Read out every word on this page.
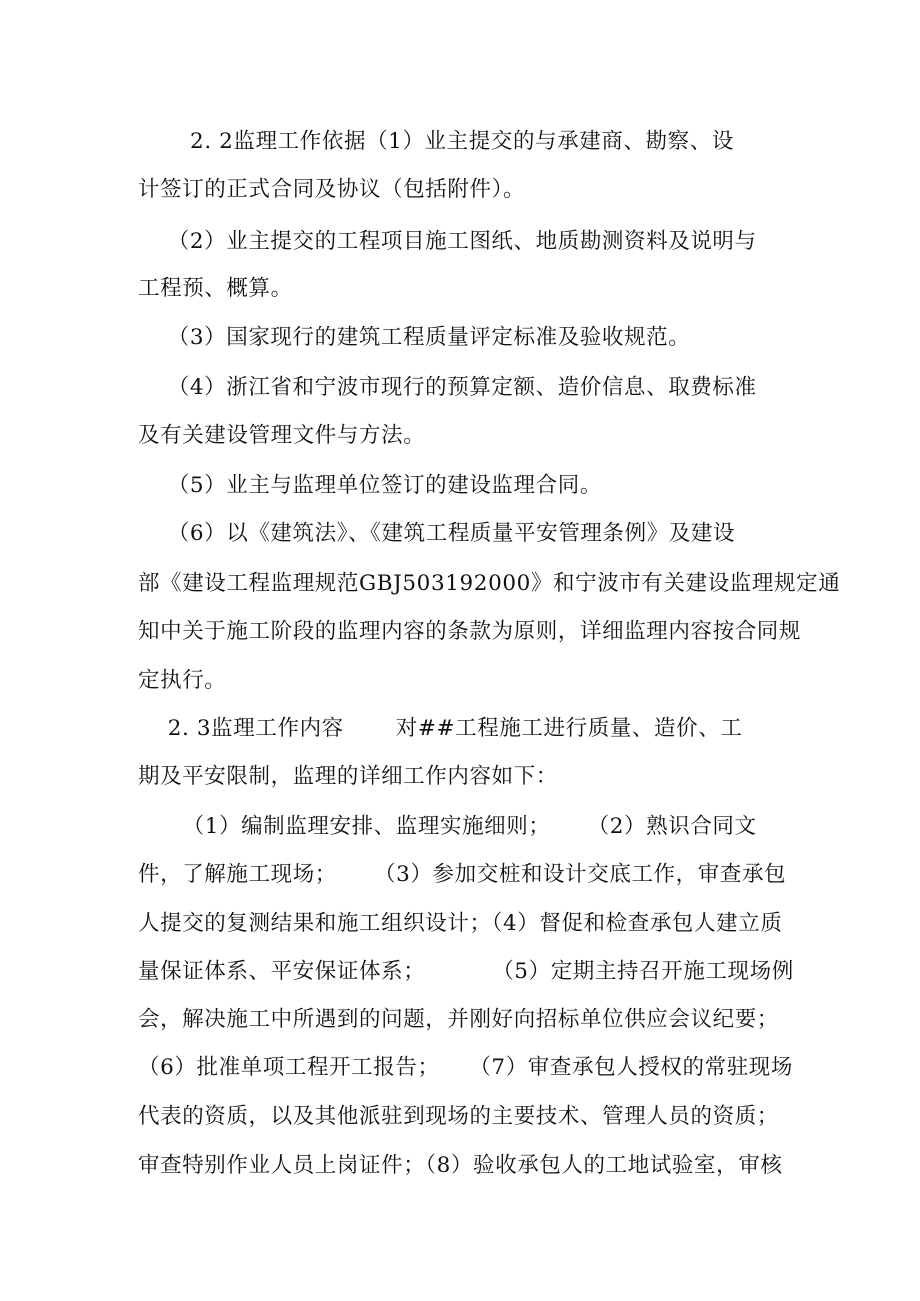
2. 2监理工作依据（1）业主提交的与承建商、勘察、设
计签订的正式合同及协议（包括附件）。
（2）业主提交的工程项目施工图纸、地质勘测资料及说明与
工程预、概算。
（3）国家现行的建筑工程质量评定标准及验收规范。
（4）浙江省和宁波市现行的预算定额、造价信息、取费标准
及有关建设管理文件与方法。
（5）业主与监理单位签订的建设监理合同。
（6）以《建筑法》、《建筑工程质量平安管理条例》及建设
部《建设工程监理规范GBJ503192000》和宁波市有关建设监理规定通
知中关于施工阶段的监理内容的条款为原则，详细监理内容按合同规
定执行。
2. 3监理工作内容       对##工程施工进行质量、造价、工
期及平安限制，监理的详细工作内容如下：
（1）编制监理安排、监理实施细则；     （2）熟识合同文
件，了解施工现场；     （3）参加交桩和设计交底工作，审查承包
人提交的复测结果和施工组织设计；（4）督促和检查承包人建立质
量保证体系、平安保证体系；         （5）定期主持召开施工现场例
会，解决施工中所遇到的问题，并刚好向招标单位供应会议纪要；
（6）批准单项工程开工报告；    （7）审查承包人授权的常驻现场
代表的资质，以及其他派驻到现场的主要技术、管理人员的资质；
审查特别作业人员上岗证件；（8）验收承包人的工地试验室，审核
